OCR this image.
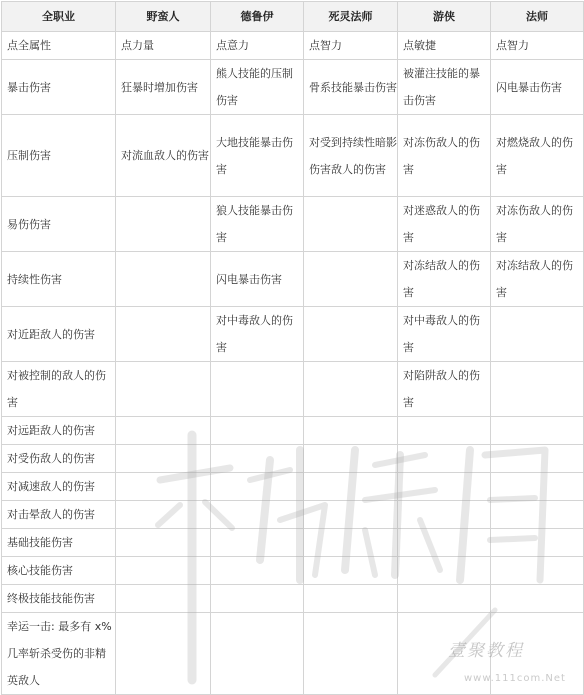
全职业	野蛮人	德鲁伊	死灵法师	游侠	法师
点全属性	点力量	点意力	点智力	点敏捷	点智力
暴击伤害	狂暴时增加伤害	熊人技能的压制伤害	骨系技能暴击伤害	被灌注技能的暴击伤害	闪电暴击伤害
压制伤害	对流血敌人的伤害	大地技能暴击伤害	对受到持续性暗影伤害敌人的伤害	对冻伤敌人的伤害	对燃烧敌人的伤害
易伤伤害		狼人技能暴击伤害		对迷惑敌人的伤害	对冻伤敌人的伤害
持续性伤害		闪电暴击伤害		对冻结敌人的伤害	对冻结敌人的伤害
对近距敌人的伤害		对中毒敌人的伤害		对中毒敌人的伤害	
对被控制的敌人的伤害				对陷阱敌人的伤害	
对远距敌人的伤害					
对受伤敌人的伤害					
对减速敌人的伤害					
对击晕敌人的伤害					
基础技能伤害					
核心技能伤害					
终极技能技能伤害					
幸运一击: 最多有 x%几率斩杀受伤的非精英敌人					
壹聚教程
www.111com.Net
